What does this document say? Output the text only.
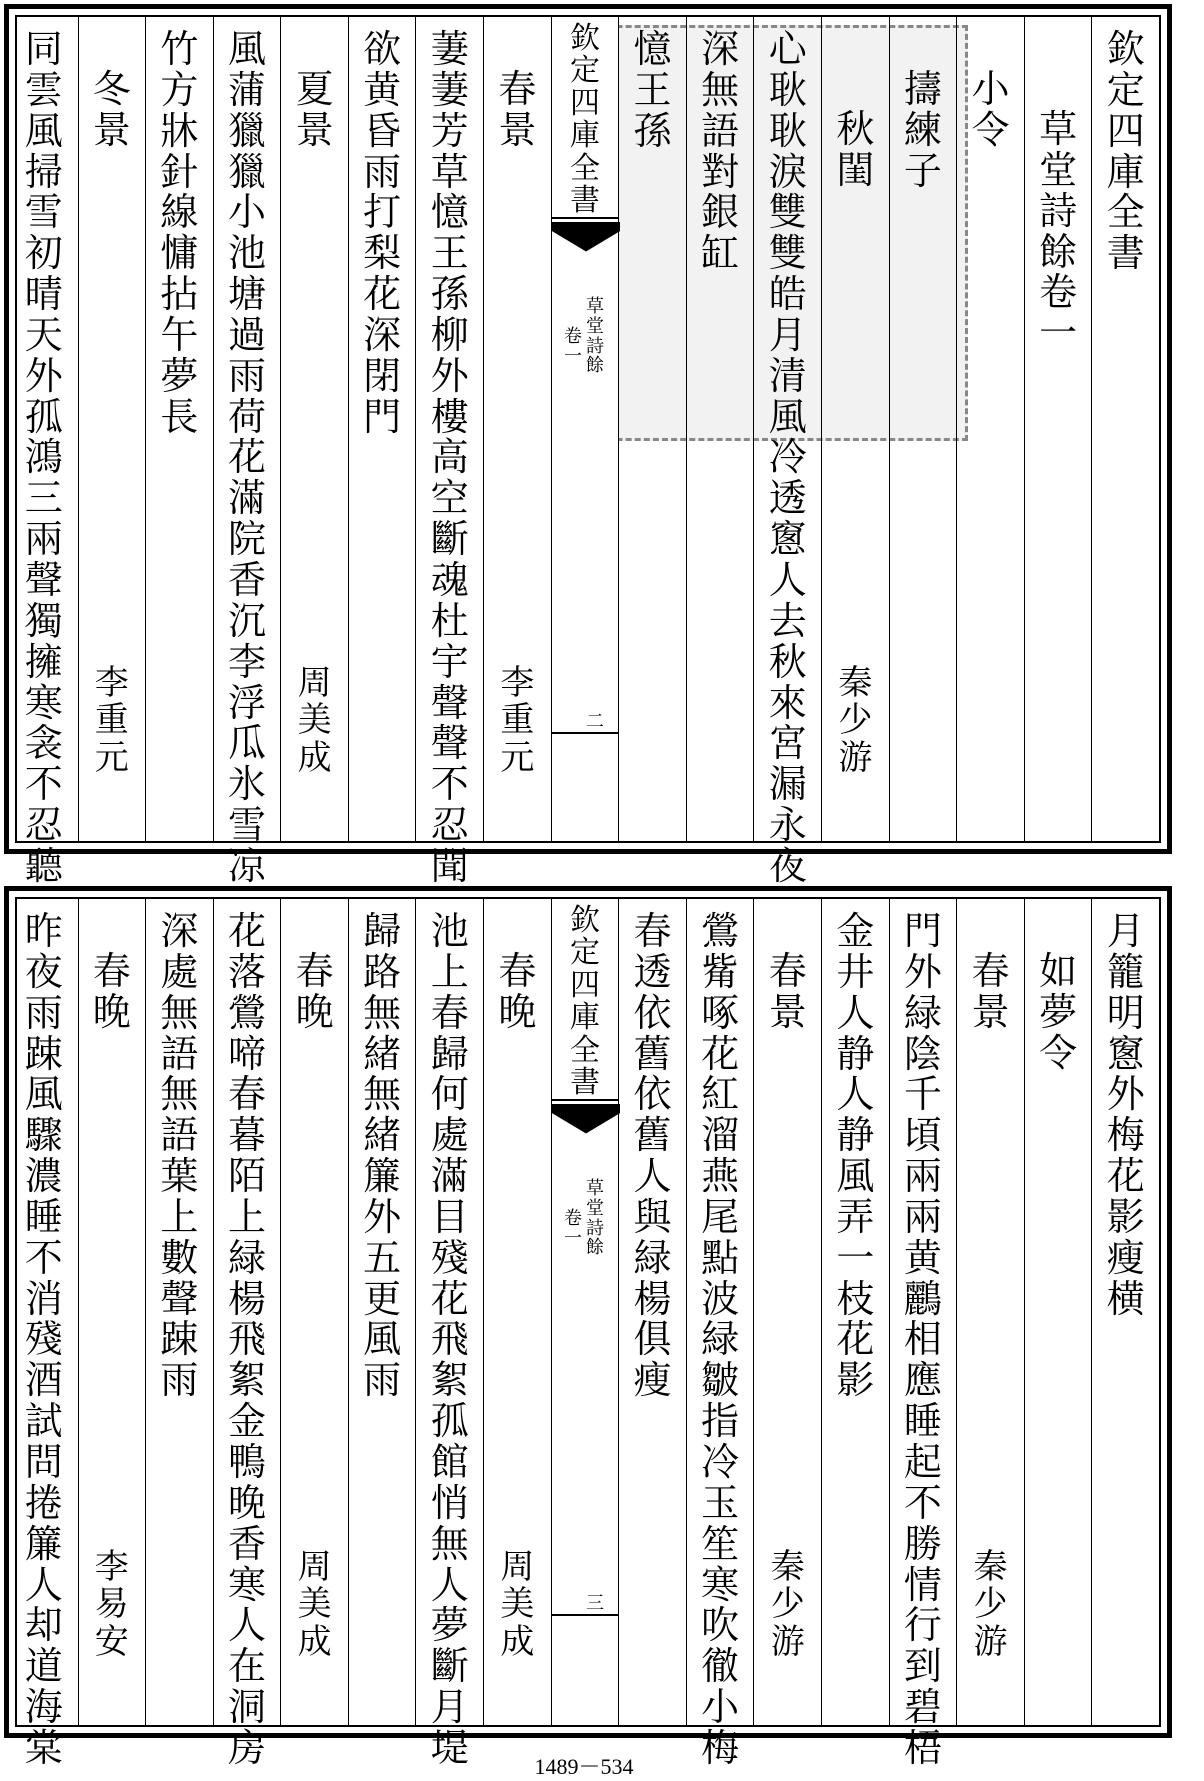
欽定四庫全書
草堂詩餘卷一
小令
擣練子
秋閨
秦少游
心耿耿淚雙雙皓月清風冷透窻人去秋來宮漏永夜
深無語對銀缸
憶王孫
欽定四庫全書
草堂詩餘
卷一
二
春景
李重元
萋萋芳草憶王孫柳外樓高空斷魂杜宇聲聲不忍聞
欲黄昏雨打梨花深閉門
夏景
周美成
風蒲獵獵小池塘過雨荷花滿院香沉李浮瓜氷雪凉
竹方牀針線慵拈午夢長
冬景
李重元
同雲風掃雪初晴天外孤鴻三兩聲獨擁寒衾不忍聽
月籠明窻外梅花影瘦横
如夢令
春景
秦少游
門外緑陰千頃兩兩黄鸝相應睡起不勝情行到碧梧
金井人静人静風弄一枝花影
春景
秦少游
鶯觜啄花紅溜燕尾點波緑皺指冷玉笙寒吹徹小梅
春透依舊依舊人與緑楊俱瘦
欽定四庫全書
草堂詩餘
卷一
三
春晚
周美成
池上春歸何處滿目殘花飛絮孤館悄無人夢斷月堤
歸路無緒無緒簾外五更風雨
春晚
周美成
花落鶯啼春暮陌上緑楊飛絮金鴨晚香寒人在洞房
深處無語無語葉上數聲踈雨
春晚
李易安
昨夜雨踈風驟濃睡不消殘酒試問捲簾人却道海棠	1489－534
